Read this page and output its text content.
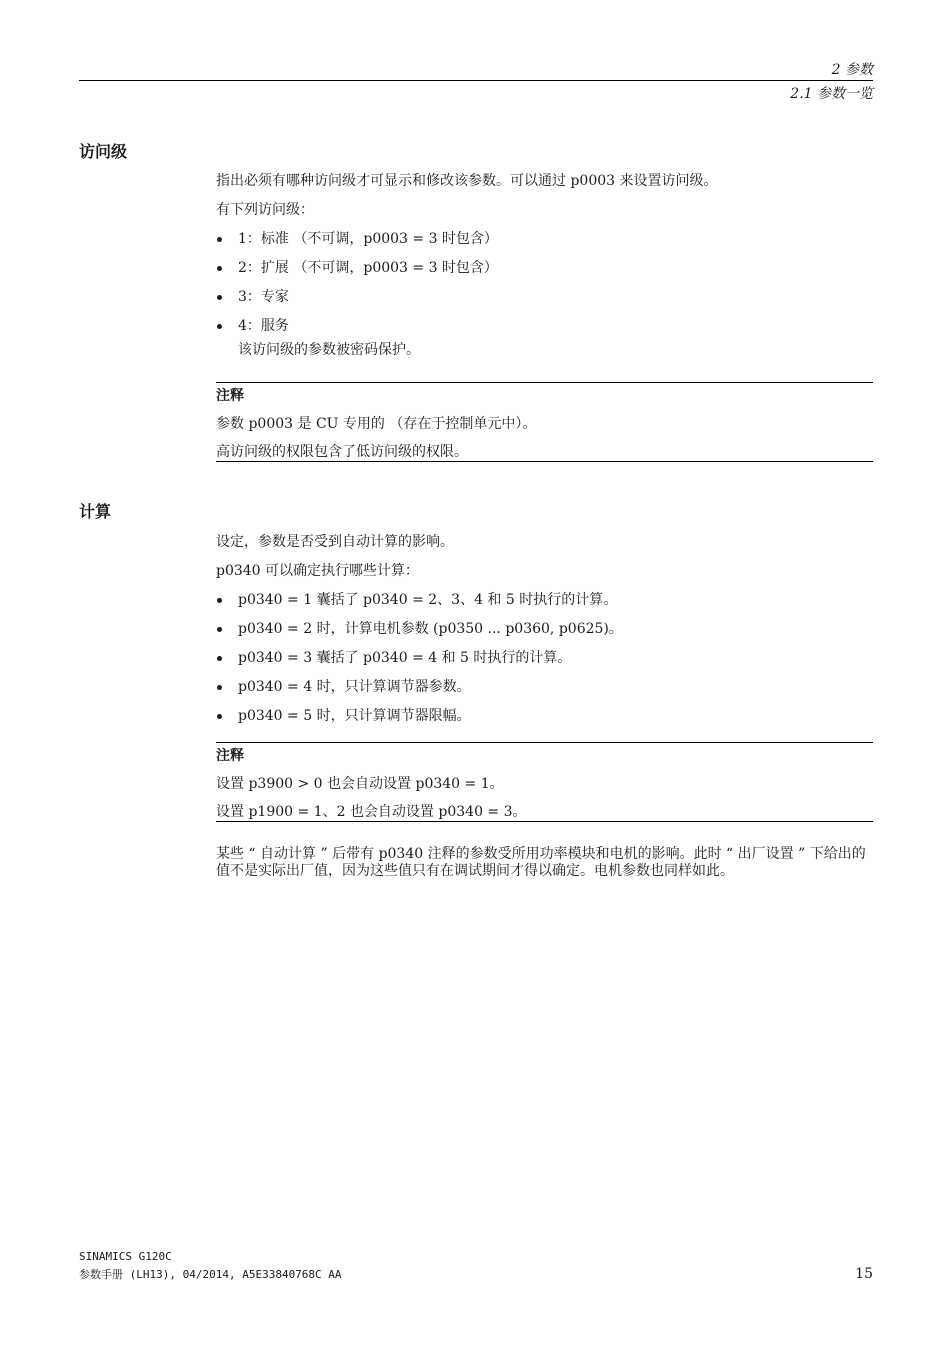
2 参数
2.1 参数一览
访问级

指出必须有哪种访问级才可显示和修改该参数。可以通过 p0003 来设置访问级。

有下列访问级：

1：标准 （不可调，p0003 = 3 时包含）
2：扩展 （不可调，p0003 = 3 时包含）
3：专家
4：服务

该访问级的参数被密码保护。

注释

参数 p0003 是 CU 专用的 （存在于控制单元中）。

高访问级的权限包含了低访问级的权限。

计算

设定，参数是否受到自动计算的影响。

p0340 可以确定执行哪些计算：

p0340 = 1 囊括了 p0340 = 2、3、4 和 5 时执行的计算。
p0340 = 2 时，计算电机参数 (p0350 ... p0360, p0625)。
p0340 = 3 囊括了 p0340 = 4 和 5 时执行的计算。
p0340 = 4 时，只计算调节器参数。
p0340 = 5 时，只计算调节器限幅。
注释

设置 p3900 > 0 也会自动设置 p0340 = 1。

设置 p1900 = 1、2 也会自动设置 p0340 = 3。

某些 “ 自动计算 ” 后带有 p0340 注释的参数受所用功率模块和电机的影响。此时 “ 出厂设置 ” 下给出的值不是实际出厂值，因为这些值只有在调试期间才得以确定。电机参数也同样如此。

SINAMICS G120C
参数手册 (LH13), 04/2014, A5E33840768C AA	15
